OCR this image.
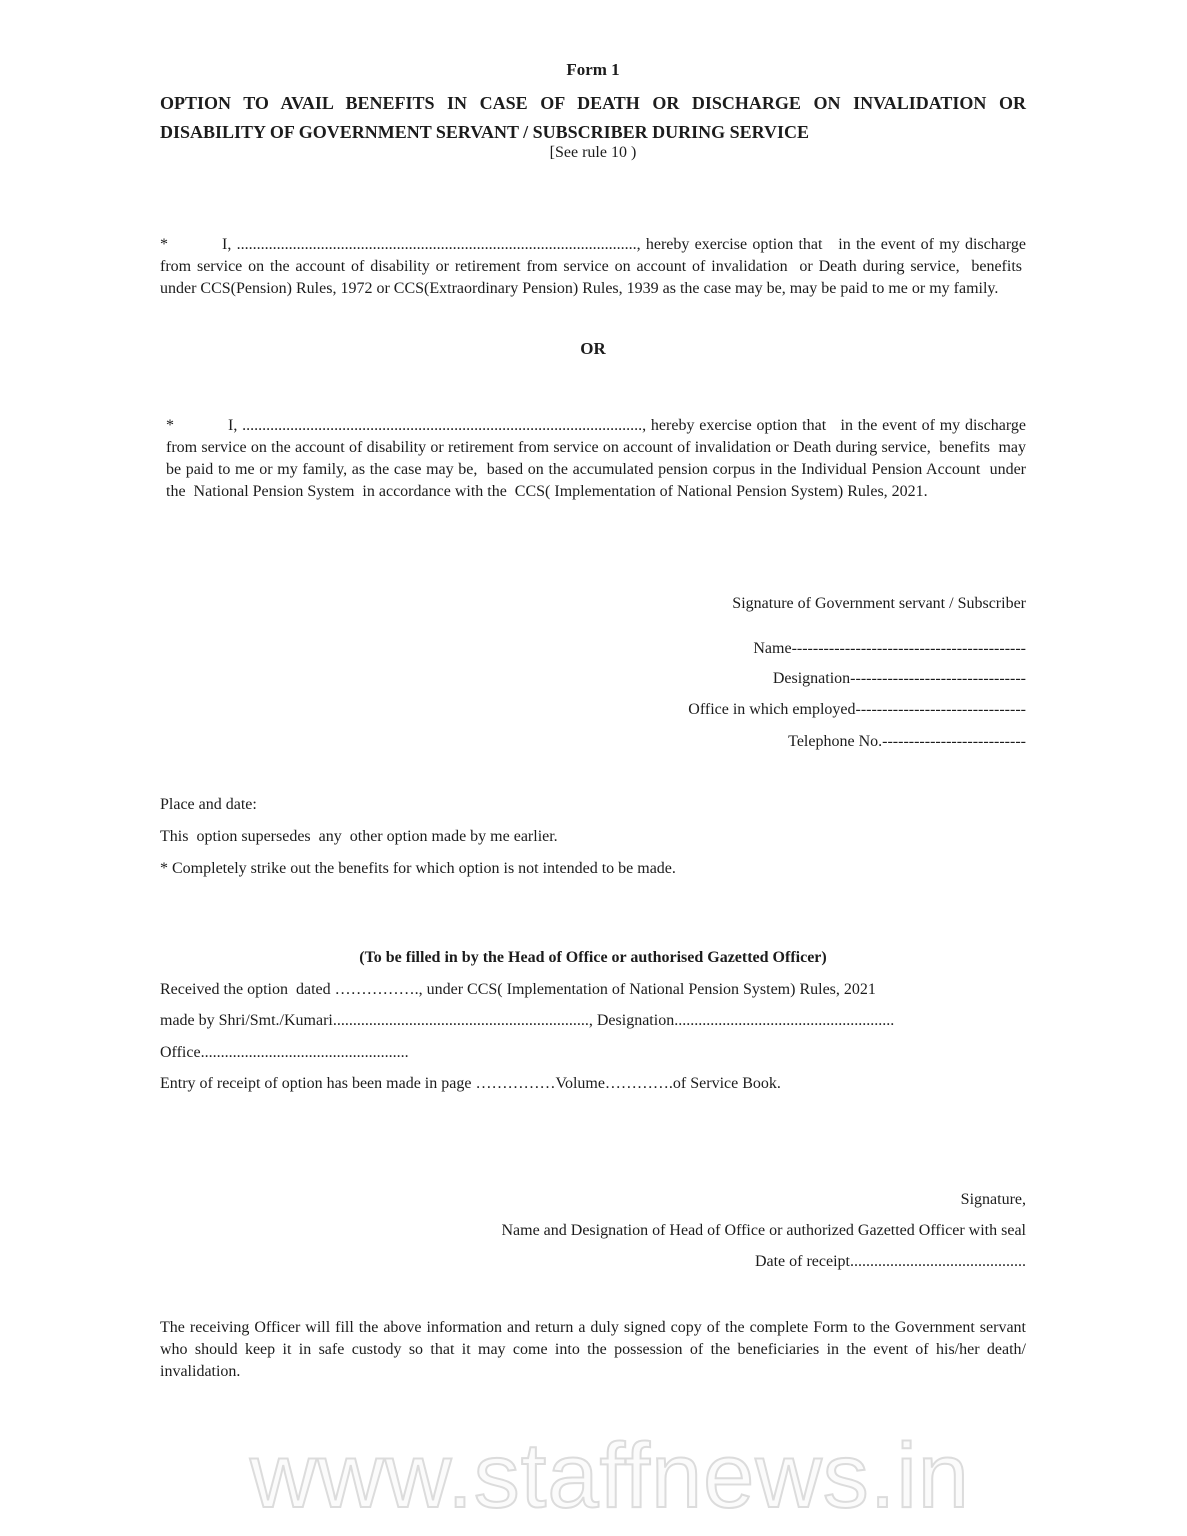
Form 1
OPTION TO AVAIL BENEFITS IN CASE OF DEATH OR DISCHARGE ON INVALIDATION OR
DISABILITY OF GOVERNMENT SERVANT / SUBSCRIBER DURING SERVICE
[See rule 10 )

*	I, ...................................................................................................., hereby exercise option that   in the event of my discharge from service on the account of disability or retirement from service on account of invalidation  or Death during service,  benefits  under CCS(Pension) Rules, 1972 or CCS(Extraordinary Pension) Rules, 1939 as the case may be, may be paid to me or my family.

OR

*	I, ...................................................................................................., hereby exercise option that   in the event of my discharge from service on the account of disability or retirement from service on account of invalidation or Death during service,  benefits  may be paid to me or my family, as the case may be,  based on the accumulated pension corpus in the Individual Pension Account  under the  National Pension System  in accordance with the  CCS( Implementation of National Pension System) Rules, 2021.

Signature of Government servant / Subscriber
Name--------------------------------------------
Designation---------------------------------
Office in which employed--------------------------------
Telephone No.---------------------------
Place and date:
This  option supersedes  any  other option made by me earlier.
* Completely strike out the benefits for which option is not intended to be made.
(To be filled in by the Head of Office or authorised Gazetted Officer)
Received the option  dated ……………., under CCS( Implementation of National Pension System) Rules, 2021
made by Shri/Smt./Kumari................................................................, Designation.......................................................
Office....................................................
Entry of receipt of option has been made in page ……………Volume………….of Service Book.
Signature,
Name and Designation of Head of Office or authorized Gazetted Officer with seal
Date of receipt............................................

The receiving Officer will fill the above information and return a duly signed copy of the complete Form to the Government servant who should keep it in safe custody so that it may come into the possession of the beneficiaries in the event of his/her death/ invalidation.

www.staffnews.in
